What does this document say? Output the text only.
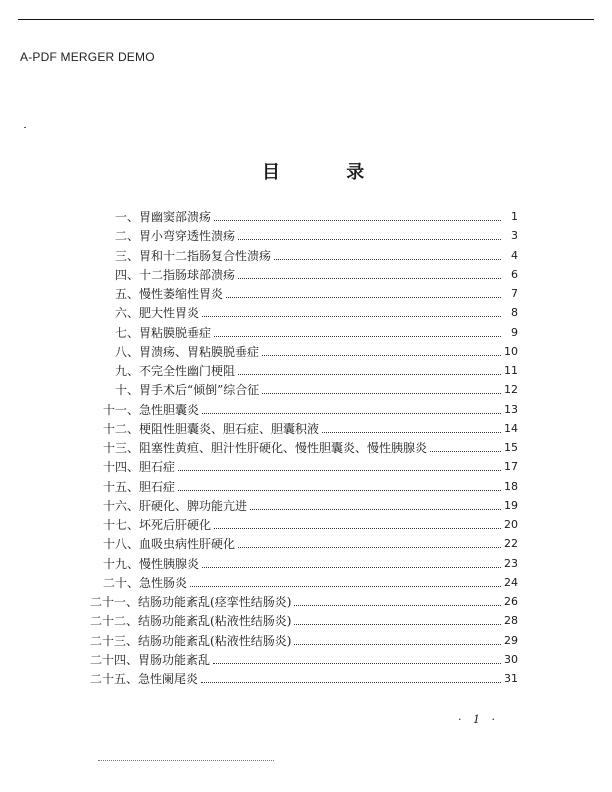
A-PDF MERGER DEMO
目 录
一、 胃幽窦部溃疡	1
二、 胃小弯穿透性溃疡	3
三、 胃和十二指肠复合性溃疡	4
四、 十二指肠球部溃疡	6
五、 慢性萎缩性胃炎	7
六、 肥大性胃炎	8
七、 胃粘膜脱垂症	9
八、 胃溃疡、胃粘膜脱垂症	10
九、 不完全性幽门梗阻	11
十、 胃手术后“倾倒”综合征	12
十一、 急性胆囊炎	13
十二、 梗阻性胆囊炎、胆石症、胆囊积液	14
十三、 阻塞性黄疸、胆汁性肝硬化、慢性胆囊炎、慢性胰腺炎	15
十四、 胆石症	17
十五、 胆石症	18
十六、 肝硬化、脾功能亢进	19
十七、 坏死后肝硬化	20
十八、 血吸虫病性肝硬化	22
十九、 慢性胰腺炎	23
二十、 急性肠炎	24
二十一、 结肠功能紊乱(痉挛性结肠炎)	26
二十二、 结肠功能紊乱(粘液性结肠炎)	28
二十三、 结肠功能紊乱(粘液性结肠炎)	29
二十四、 胃肠功能紊乱	30
二十五、 急性阑尾炎	31
· 1 ·
